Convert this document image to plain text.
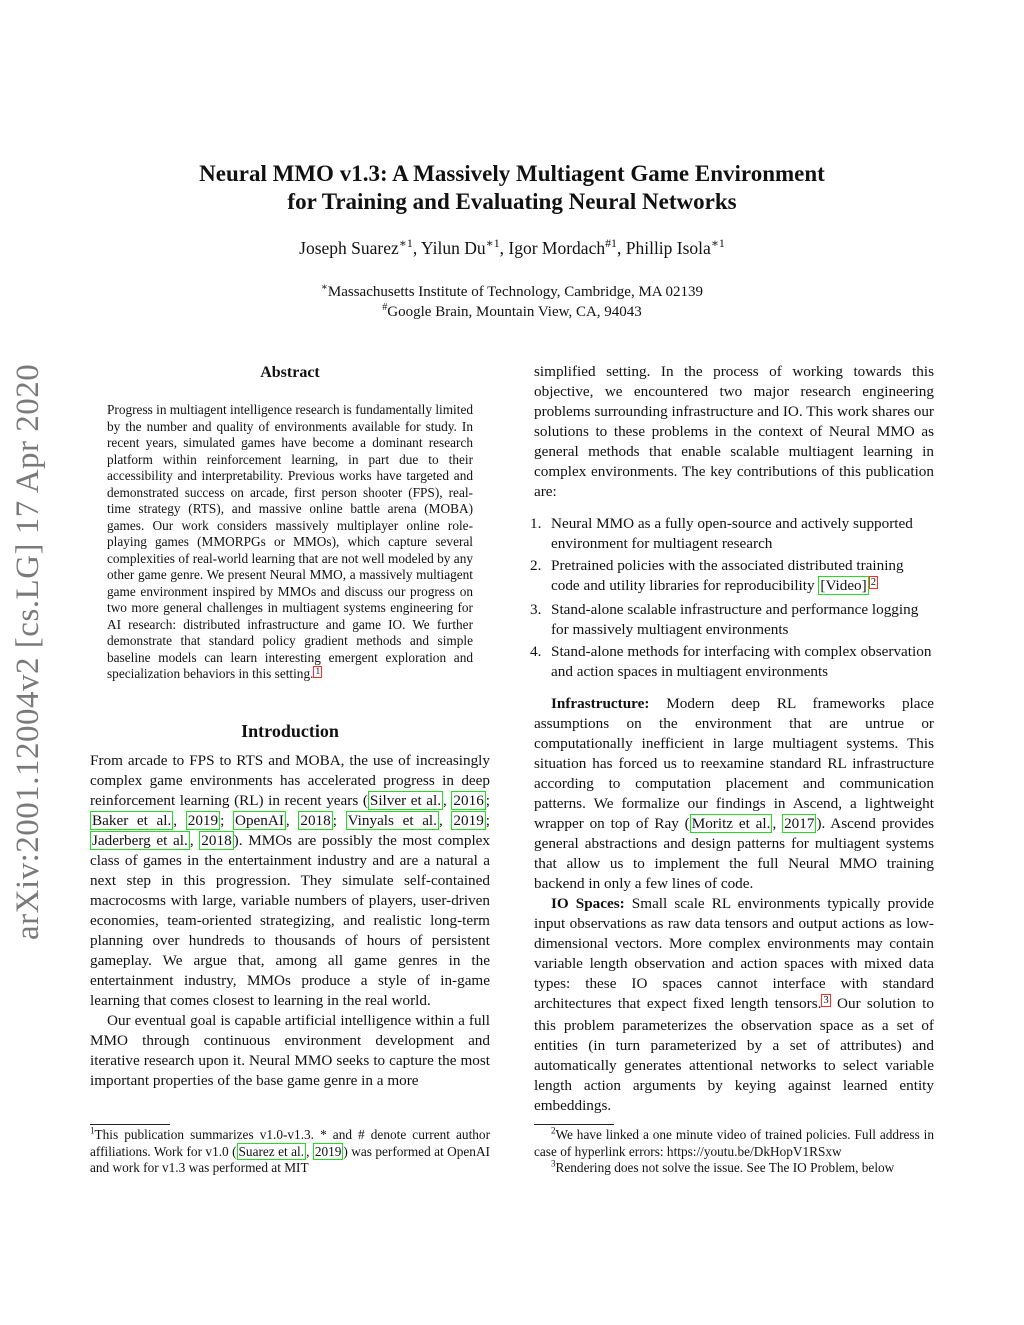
Neural MMO v1.3: A Massively Multiagent Game Environment
for Training and Evaluating Neural Networks
Joseph Suarez$^{∗1}$, Yilun $Du^{∗1}$, Igor Mordach$^{\#1}$, Phillip Isola$^{∗1}$
∗Massachusetts Institute of Technology, Cambridge, MA 02139
#Google Brain, Mountain View, CA, 94043
arXiv:2001.12004v2 [cs.LG] 17 Apr 2020	Abstract
Progress in multiagent intelligence research is fundamentally limited by the number and quality of environments available for study. In recent years, simulated games have become a dominant research platform within reinforcement learning, in part due to their accessibility and interpretability. Previous works have targeted and demonstrated success on arcade, first person shooter (FPS), real-time strategy (RTS), and massive online battle arena (MOBA) games. Our work considers massively multiplayer online role-playing games (MMORPGs or MMOs), which capture several complexities of real-world learning that are not well modeled by any other game genre. We present Neural MMO, a massively multiagent game environment inspired by MMOs and discuss our progress on two more general challenges in multiagent systems engineering for AI research: distributed infrastructure and game IO. We further demonstrate that standard policy gradient methods and simple baseline models can learn interesting emergent exploration and specialization behaviors in this setting. $^1$
Introduction

From arcade to FPS to RTS and MOBA, the use of increasingly complex game environments has accelerated progress in deep reinforcement learning (RL) in recent years ( Silver et al. , 2016 ; Baker et al. , 2019 ; OpenAI , 2018 ; Vinyals et al. , 2019 ; Jaderberg et al. , 2018 ). MMOs are possibly the most complex class of games in the entertainment industry and are a natural a next step in this progression. They simulate self-contained macrocosms with large, variable numbers of players, user-driven economies, team-oriented strategizing, and realistic long-term planning over hundreds to thousands of hours of persistent gameplay. We argue that, among all game genres in the entertainment industry, MMOs produce a style of in-game learning that comes closest to learning in the real world.

Our eventual goal is capable artificial intelligence within a full MMO through continuous environment development and iterative research upon it. Neural MMO seeks to capture the most important properties of the base game genre in a more

$^1$This publication summarizes v1.0-v1.3. * and # denote current author affiliations. Work for v1.0 ( Suarez et al. , 2019 ) was performed at OpenAI and work for v1.3 was performed at MIT

simplified setting. In the process of working towards this objective, we encountered two major research engineering problems surrounding infrastructure and IO. This work shares our solutions to these problems in the context of Neural MMO as general methods that enable scalable multiagent learning in complex environments. The key contributions of this publication are:

1. Neural MMO as a fully open-source and actively supported environment for multiagent research
2. Pretrained policies with the associated distributed training code and utility libraries for reproducibility [Video] $^2$
3. Stand-alone scalable infrastructure and performance logging for massively multiagent environments
4. Stand-alone methods for interfacing with complex observation and action spaces in multiagent environments

Infrastructure: Modern deep RL frameworks place assumptions on the environment that are untrue or computationally inefficient in large multiagent systems. This situation has forced us to reexamine standard RL infrastructure according to computation placement and communication patterns. We formalize our findings in Ascend, a lightweight wrapper on top of Ray ( Moritz et al. , 2017 ). Ascend provides general abstractions and design patterns for multiagent systems that allow us to implement the full Neural MMO training backend in only a few lines of code.

IO Spaces: Small scale RL environments typically provide input observations as raw data tensors and output actions as low-dimensional vectors. More complex environments may contain variable length observation and action spaces with mixed data types: these IO spaces cannot interface with standard architectures that expect fixed length tensors. $^3$ Our solution to this problem parameterizes the observation space as a set of entities (in turn parameterized by a set of attributes) and automatically generates attentional networks to select variable length action arguments by keying against learned entity embeddings.

$^2$We have linked a one minute video of trained policies. Full address in case of hyperlink errors: https://youtu.be/DkHopV1RSxw
$^3$Rendering does not solve the issue. See The IO Problem, below
